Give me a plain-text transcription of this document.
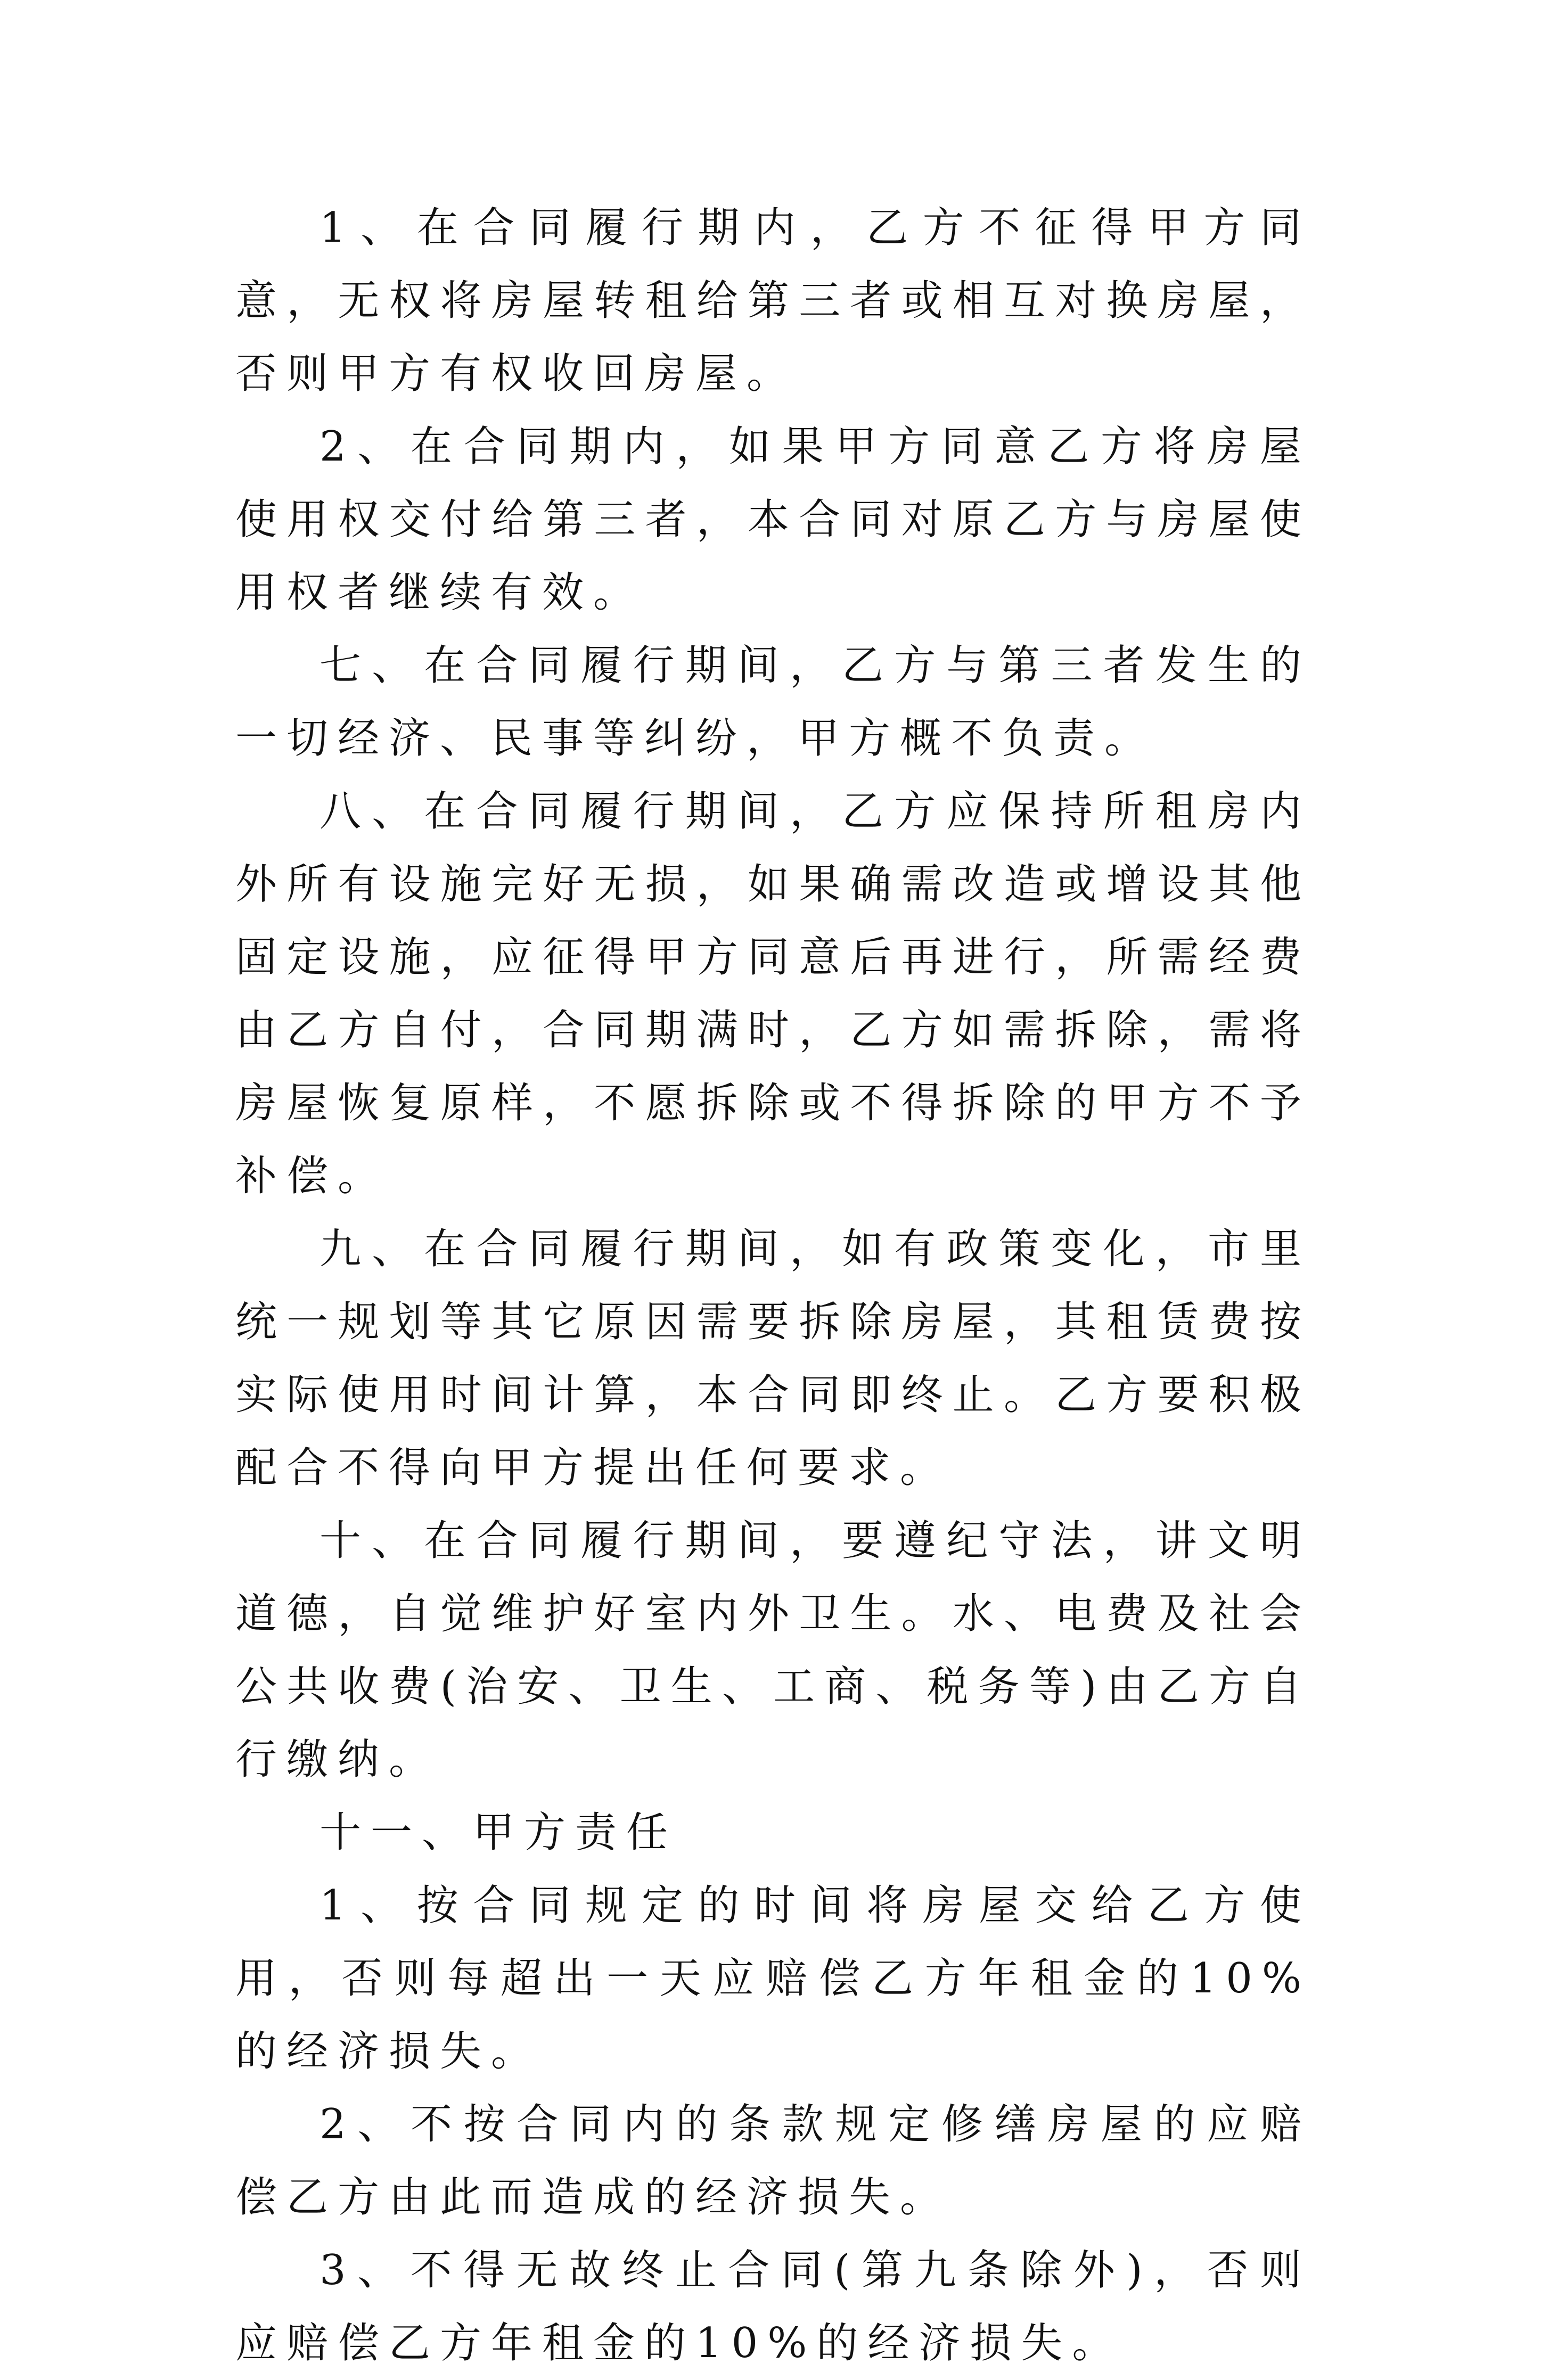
1、在合同履行期内，乙方不征得甲方同意，无权将房屋转租给第三者或相互对换房屋，否则甲方有权收回房屋。

2、在合同期内，如果甲方同意乙方将房屋使用权交付给第三者，本合同对原乙方与房屋使用权者继续有效。

七、在合同履行期间，乙方与第三者发生的一切经济、民事等纠纷，甲方概不负责。

八、在合同履行期间，乙方应保持所租房内外所有设施完好无损，如果确需改造或增设其他固定设施，应征得甲方同意后再进行，所需经费由乙方自付，合同期满时，乙方如需拆除，需将房屋恢复原样，不愿拆除或不得拆除的甲方不予补偿。

九、在合同履行期间，如有政策变化，市里统一规划等其它原因需要拆除房屋，其租赁费按实际使用时间计算，本合同即终止。乙方要积极配合不得向甲方提出任何要求。

十、在合同履行期间，要遵纪守法，讲文明道德，自觉维护好室内外卫生。水、电费及社会公共收费(治安、卫生、工商、税务等)由乙方自行缴纳。

十一、甲方责任

1、按合同规定的时间将房屋交给乙方使用，否则每超出一天应赔偿乙方年租金的10%的经济损失。

2、不按合同内的条款规定修缮房屋的应赔偿乙方由此而造成的经济损失。

3、不得无故终止合同(第九条除外)，否则应赔偿乙方年租金的10%的经济损失。
